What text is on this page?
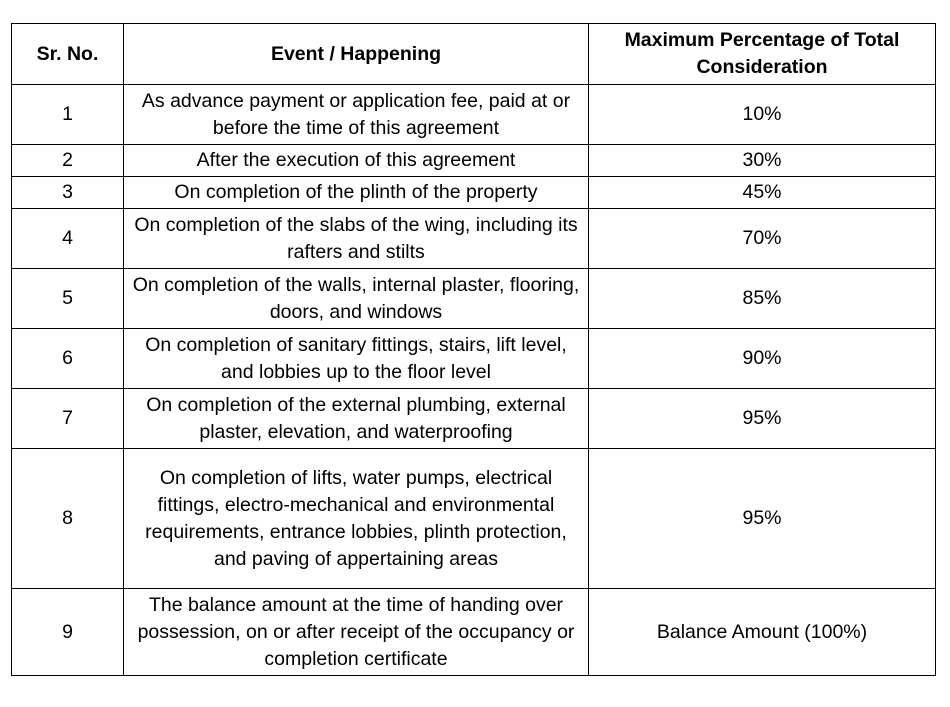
Sr. No.	Event / Happening	Maximum Percentage of Total Consideration
1	As advance payment or application fee, paid at or before the time of this agreement	10%
2	After the execution of this agreement	30%
3	On completion of the plinth of the property	45%
4	On completion of the slabs of the wing, including its rafters and stilts	70%
5	On completion of the walls, internal plaster, flooring, doors, and windows	85%
6	On completion of sanitary fittings, stairs, lift level, and lobbies up to the floor level	90%
7	On completion of the external plumbing, external plaster, elevation, and waterproofing	95%
8	On completion of lifts, water pumps, electrical fittings, electro-mechanical and environmental requirements, entrance lobbies, plinth protection, and paving of appertaining areas	95%
9	The balance amount at the time of handing over possession, on or after receipt of the occupancy or completion certificate	Balance Amount (100%)
